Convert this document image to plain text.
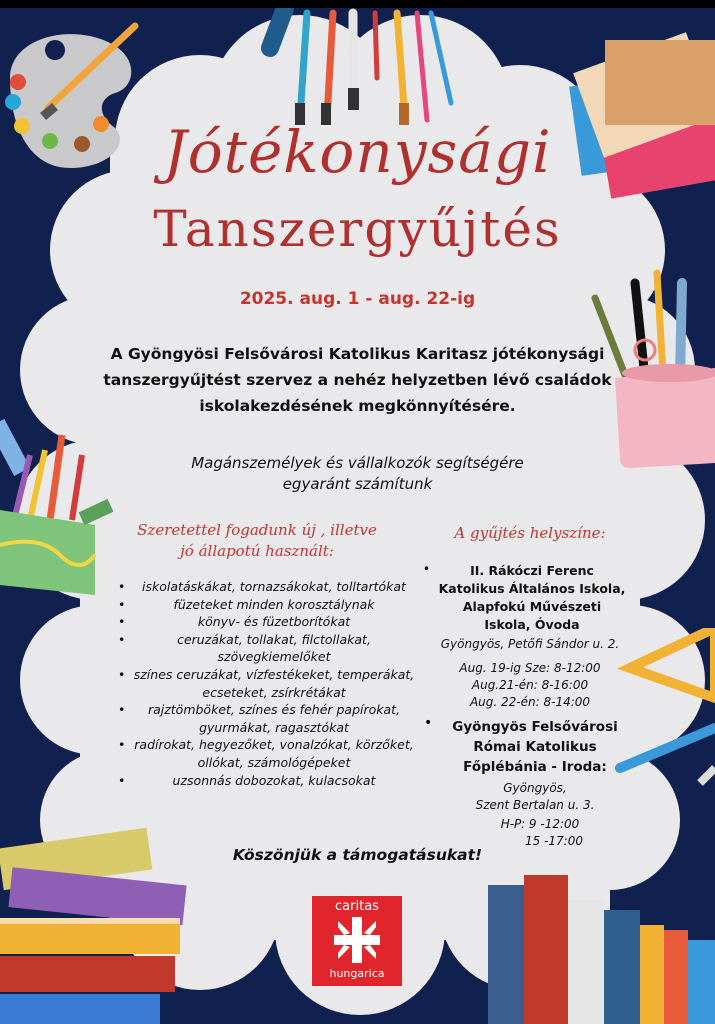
Jótékonysági
Tanszergyűjtés
2025. aug. 1 - aug. 22-ig
A Gyöngyösi Felsővárosi Katolikus Karitasz jótékonysági
tanszergyűjtést szervez a nehéz helyzetben lévő családok
iskolakezdésének megkönnyítésére.
Magánszemélyek és vállalkozók segítségére
egyaránt számítunk
Szeretettel fogadunk új , illetve
jó állapotú használt:
• iskolatáskákat, tornazsákokat, tolltartókat
•	füzeteket minden korosztálynak
•	könyv- és füzetborítókat
•	ceruzákat, tollakat, filctollakat, szövegkiemelőket
• színes ceruzákat, vízfestékeket, temperákat, ecseteket, zsírkrétákat
• rajztömböket, színes és fehér papírokat, gyurmákat, ragasztókat
• radírokat, hegyezőket, vonalzókat, körzőket, ollókat, számológépeket
•	uzsonnás dobozokat, kulacsokat
A gyűjtés helyszíne:
•	II. Rákóczi Ferenc
Katolikus Általános Iskola,
Alapfokú Művészeti
Iskola, Óvoda
Gyöngyös, Petőfi Sándor u. 2.
Aug. 19-ig Sze: 8-12:00
Aug.21-én: 8-16:00
Aug. 22-én: 8-14:00
•	Gyöngyös Felsővárosi
Római Katolikus
Főplébánia - Iroda:
Gyöngyös,
Szent Bertalan u. 3.
H-P: 9 -12:00
15 -17:00
Köszönjük a támogatásukat!
caritas
hungarica
